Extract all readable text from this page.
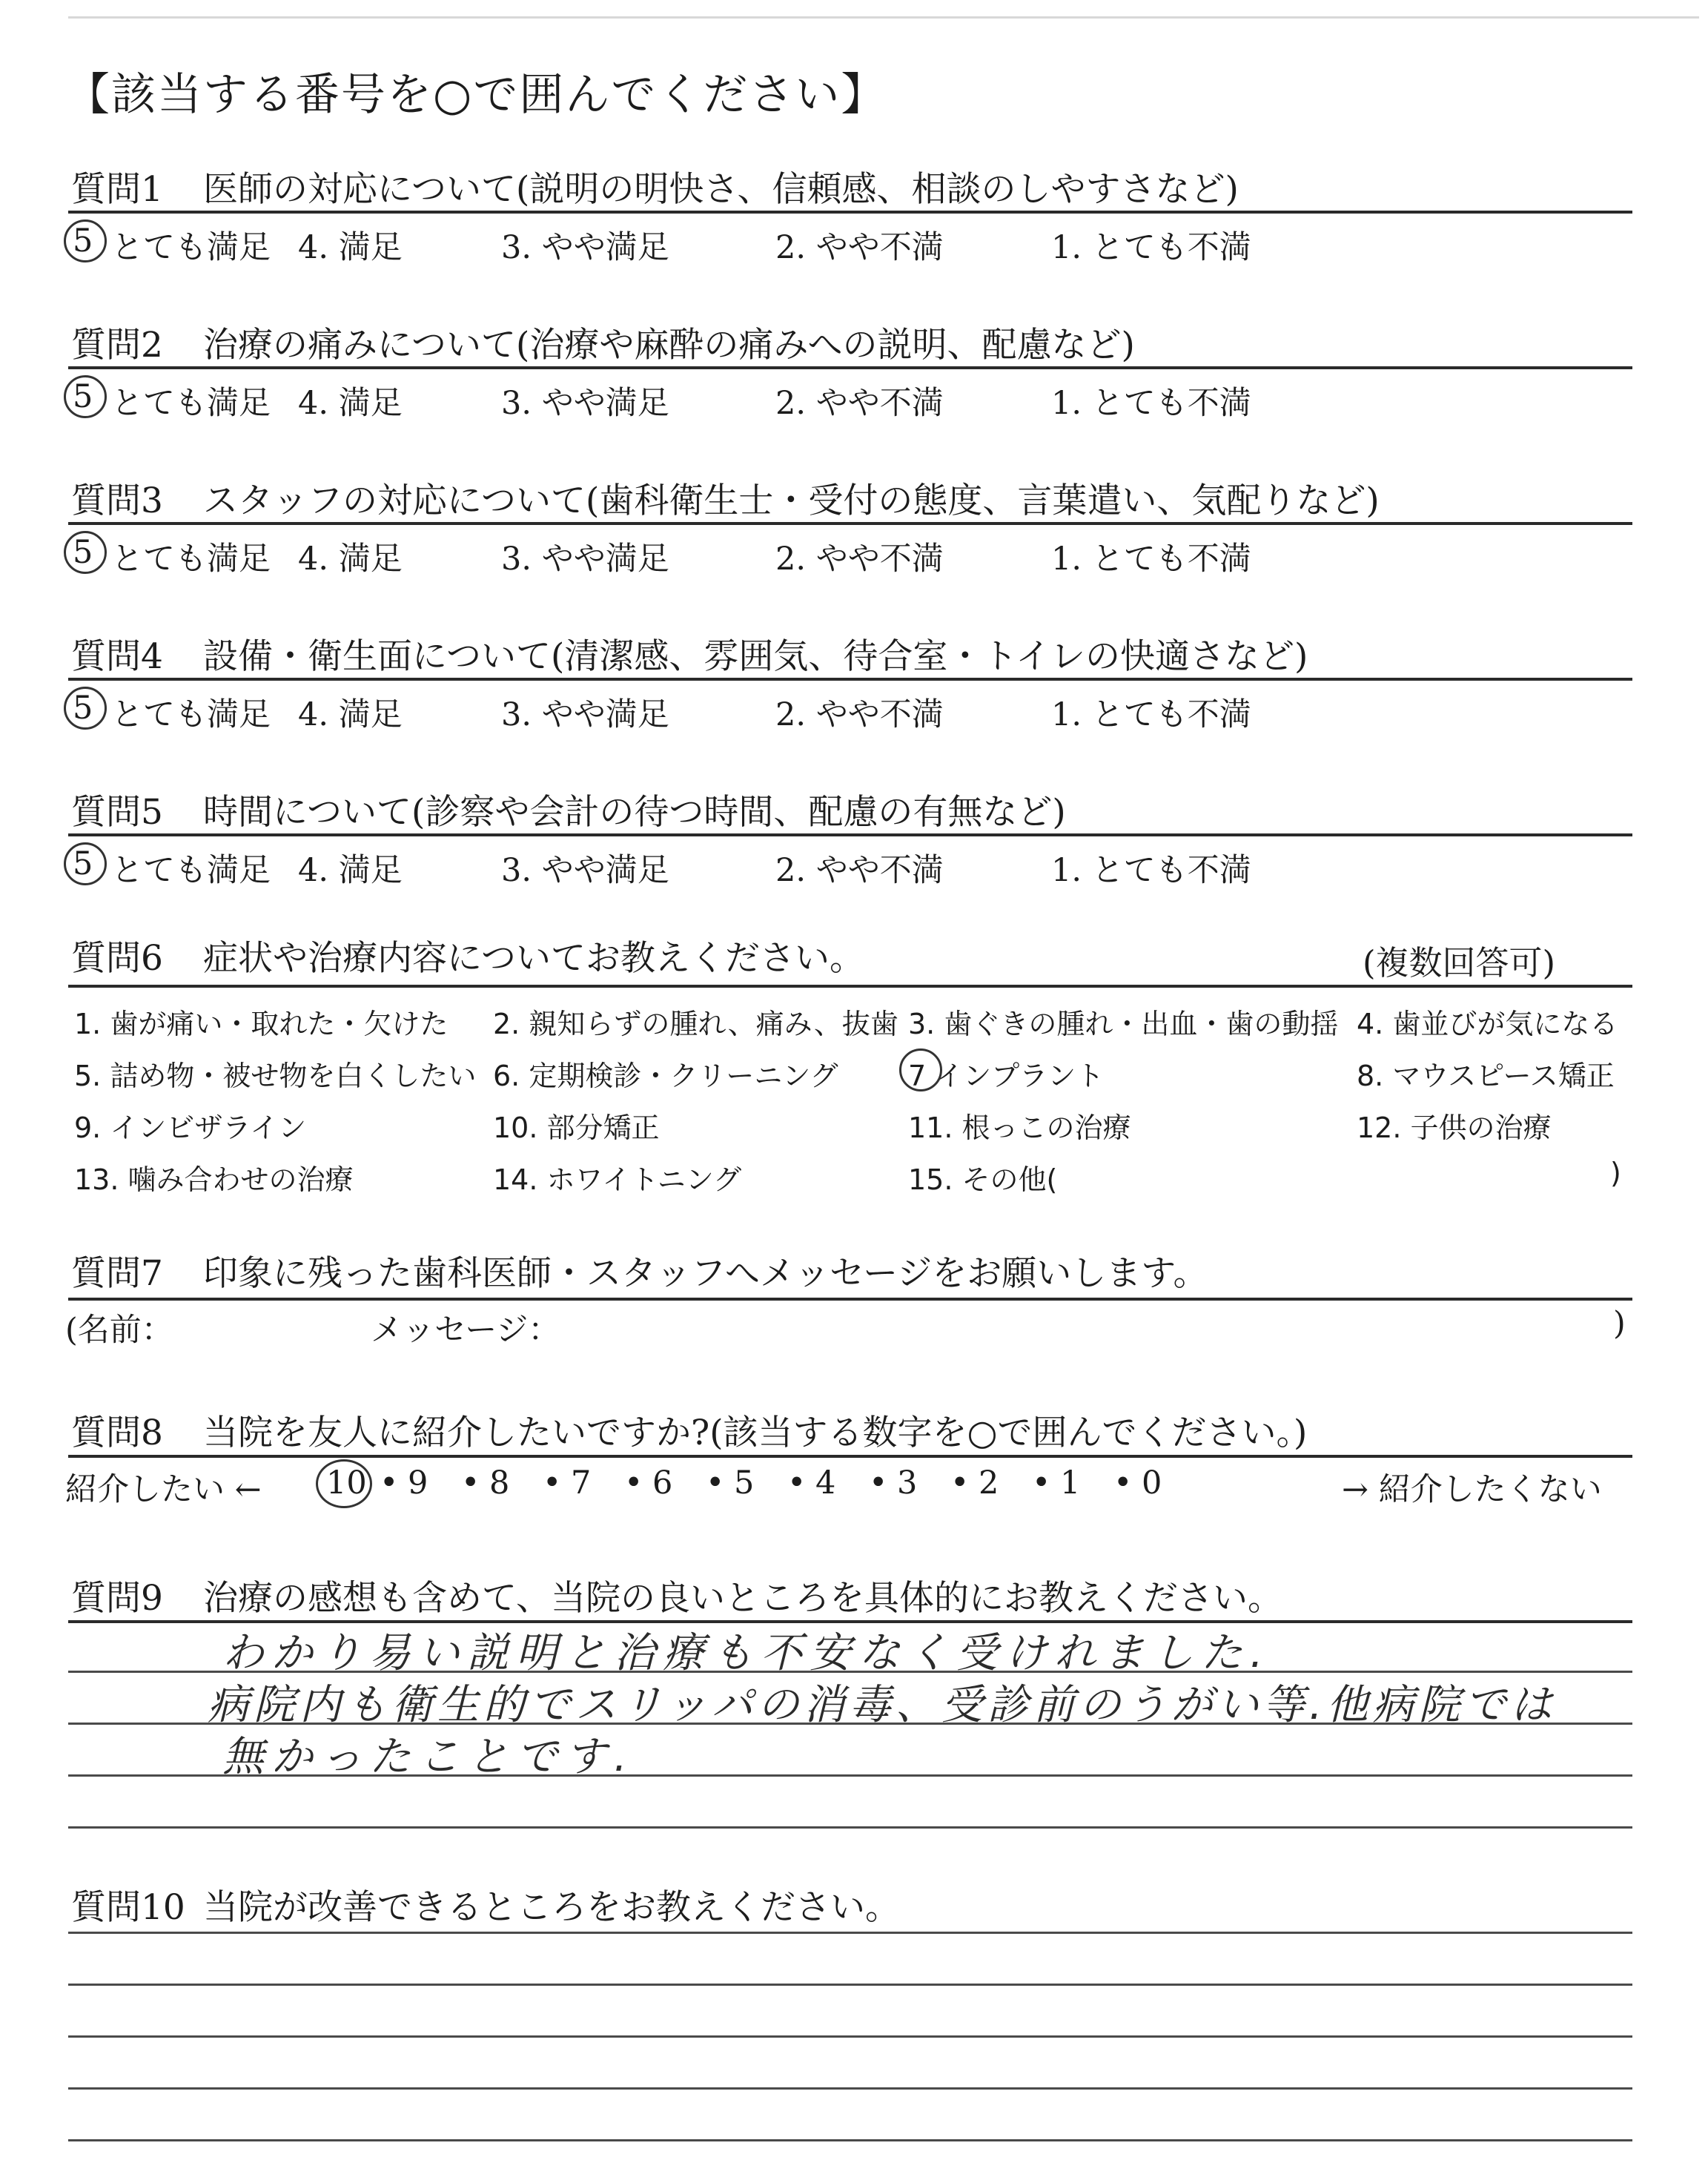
【該当する番号を○で囲んでください】
質問1 医師の対応について(説明の明快さ、信頼感、相談のしやすさなど)
5 とても満足 4. 満足	3. やや満足	2. やや不満	1. とても不満
質問2 治療の痛みについて(治療や麻酔の痛みへの説明、配慮など)
5 とても満足 4. 満足	3. やや満足	2. やや不満	1. とても不満
質問3 スタッフの対応について(歯科衛生士・受付の態度、言葉遣い、気配りなど)
5 とても満足 4. 満足	3. やや満足	2. やや不満	1. とても不満
質問4 設備・衛生面について(清潔感、雰囲気、待合室・トイレの快適さなど)
5 とても満足 4. 満足	3. やや満足	2. やや不満	1. とても不満
質問5 時間について(診察や会計の待つ時間、配慮の有無など)
5 とても満足 4. 満足	3. やや満足	2. やや不満	1. とても不満
質問6 症状や治療内容についてお教えください。	(複数回答可)
1. 歯が痛い・取れた・欠けた 2. 親知らずの腫れ、痛み、抜歯 3. 歯ぐきの腫れ・出血・歯の動揺 4. 歯並びが気になる
5. 詰め物・被せ物を白くしたい 6. 定期検診・クリーニング 7 インプラント	8. マウスピース矯正
9. インビザライン	10. 部分矯正	11. 根っこの治療	12. 子供の治療
13. 噛み合わせの治療	14. ホワイトニング	15. その他(	)
質問7 印象に残った歯科医師・スタッフへメッセージをお願いします。
(名前：	メッセージ：	)
質問8 当院を友人に紹介したいですか?(該当する数字を○で囲んでください。)
紹介したい ← 10 • 9 • 8 • 7 • 6 • 5 • 4 • 3 • 2 • 1 • 0	→ 紹介したくない
質問9 治療の感想も含めて、当院の良いところを具体的にお教えください。
わかり易い説明と治療も不安なく受けれました.
病院内も衛生的でスリッパの消毒、受診前のうがい等.他病院では
無かったことです.
質問10 当院が改善できるところをお教えください。
